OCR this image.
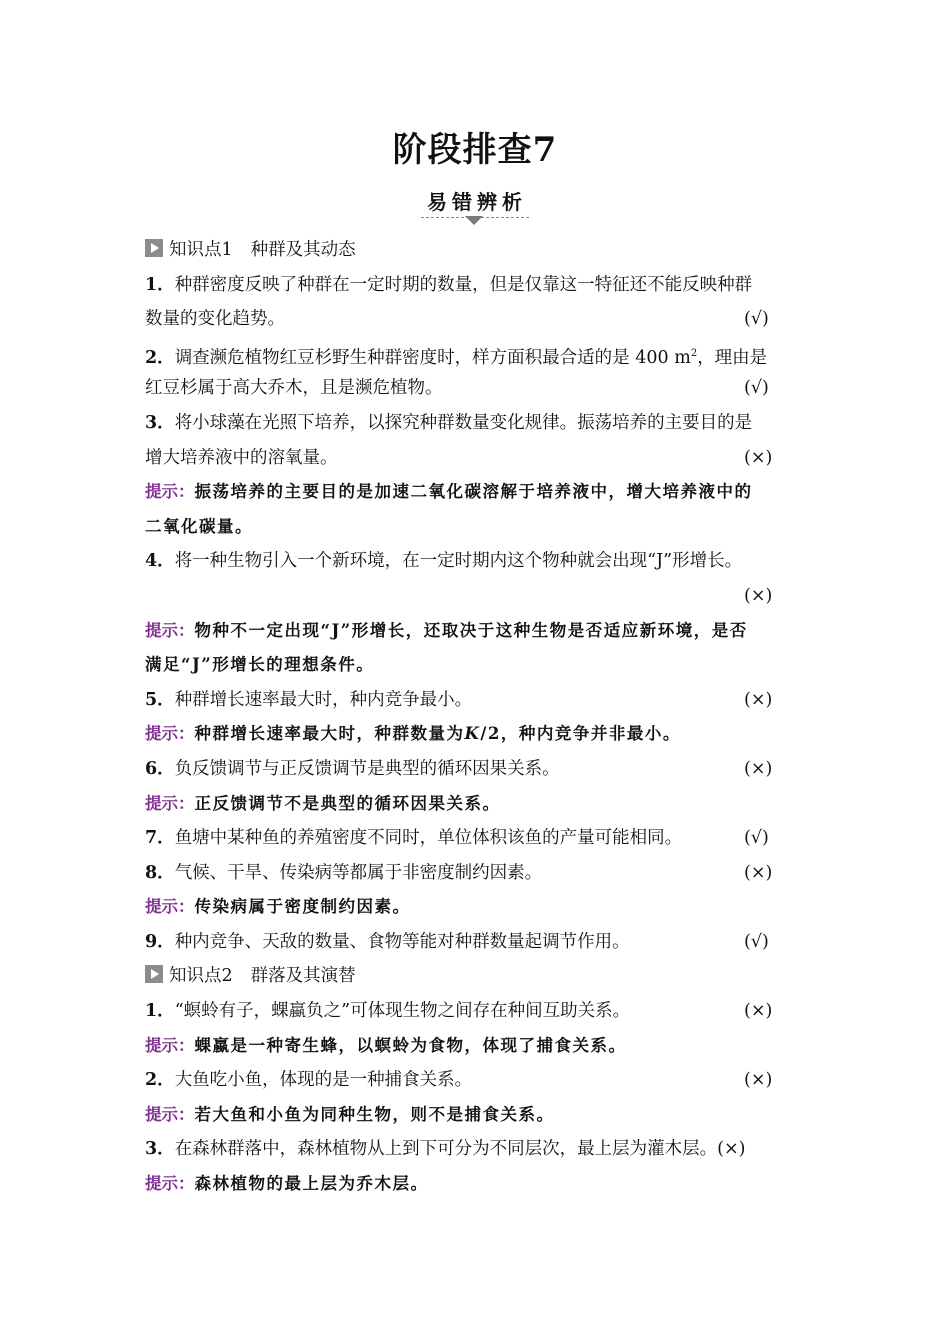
阶段排查7
易错辨析
知识点1 种群及其动态
1．种群密度反映了种群在一定时期的数量，但是仅靠这一特征还不能反映种群
数量的变化趋势。	(√)
2．调查濒危植物红豆杉野生种群密度时，样方面积最合适的是 400 $m^2$，理由是
红豆杉属于高大乔木，且是濒危植物。	(√)
3．将小球藻在光照下培养，以探究种群数量变化规律。振荡培养的主要目的是
增大培养液中的溶氧量。	(×)
提示：振荡培养的主要目的是加速二氧化碳溶解于培养液中，增大培养液中的
二氧化碳量。
4．将一种生物引入一个新环境，在一定时期内这个物种就会出现“J”形增长。
(×)
提示：物种不一定出现“J”形增长，还取决于这种生物是否适应新环境，是否
满足“J”形增长的理想条件。
5．种群增长速率最大时，种内竞争最小。	(×)
提示：种群增长速率最大时，种群数量为K/2，种内竞争并非最小。
6．负反馈调节与正反馈调节是典型的循环因果关系。	(×)
提示：正反馈调节不是典型的循环因果关系。
7．鱼塘中某种鱼的养殖密度不同时，单位体积该鱼的产量可能相同。	(√)
8．气候、干旱、传染病等都属于非密度制约因素。	(×)
提示：传染病属于密度制约因素。
9．种内竞争、天敌的数量、食物等能对种群数量起调节作用。	(√)
知识点2 群落及其演替
1．“螟蛉有子，蜾蠃负之”可体现生物之间存在种间互助关系。	(×)
提示：蜾蠃是一种寄生蜂，以螟蛉为食物，体现了捕食关系。
2．大鱼吃小鱼，体现的是一种捕食关系。	(×)
提示：若大鱼和小鱼为同种生物，则不是捕食关系。
3．在森林群落中，森林植物从上到下可分为不同层次，最上层为灌木层。(×)
提示：森林植物的最上层为乔木层。
